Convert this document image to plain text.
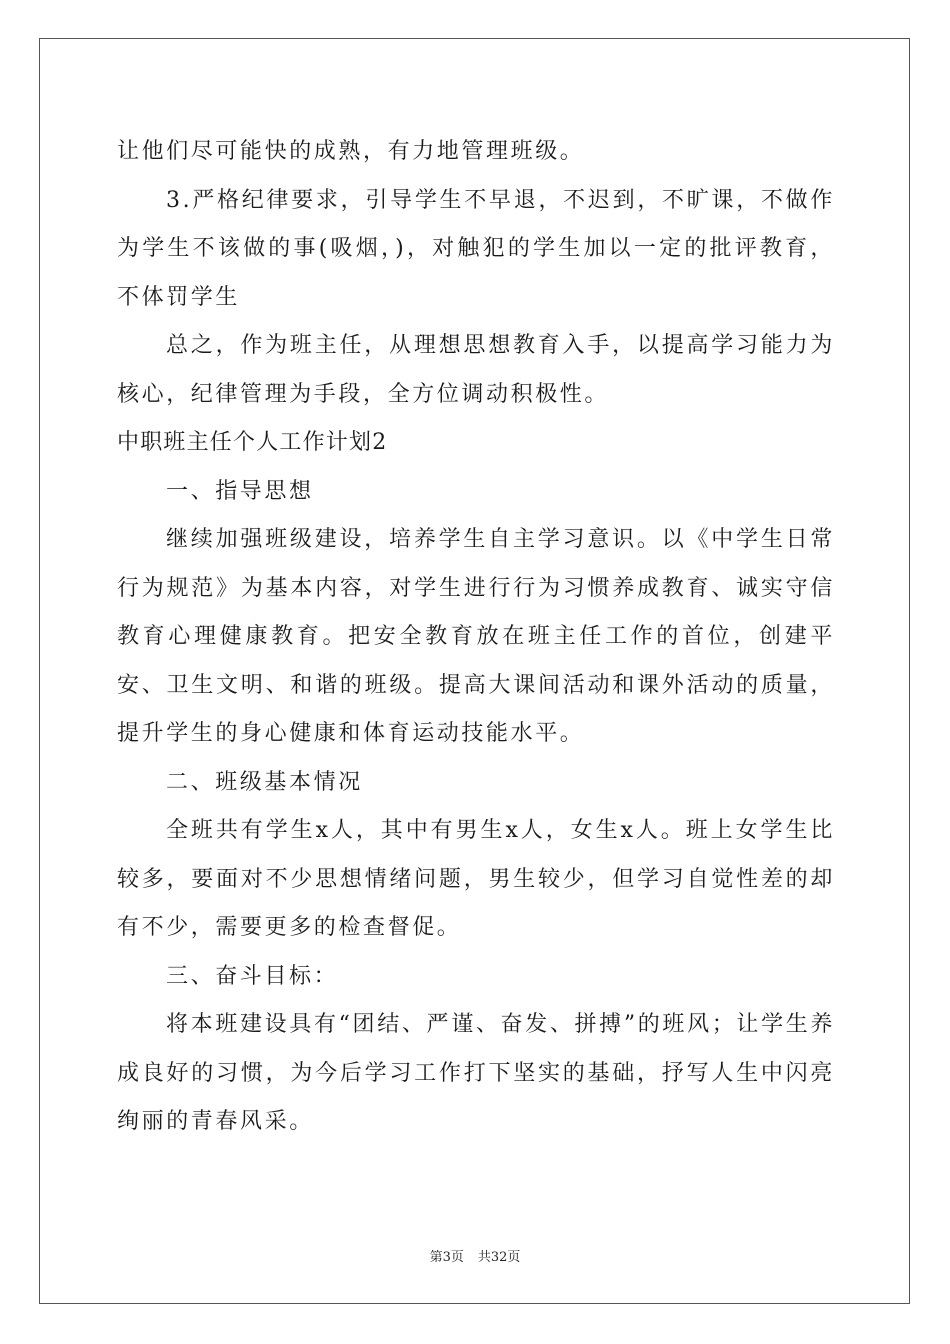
让他们尽可能快的成熟，有力地管理班级。

3.严格纪律要求，引导学生不早退，不迟到，不旷课，不做作为学生不该做的事(吸烟，)，对触犯的学生加以一定的批评教育，不体罚学生

总之，作为班主任，从理想思想教育入手，以提高学习能力为核心，纪律管理为手段，全方位调动积极性。

中职班主任个人工作计划2

一、指导思想

继续加强班级建设，培养学生自主学习意识。以《中学生日常行为规范》为基本内容，对学生进行行为习惯养成教育、诚实守信教育心理健康教育。把安全教育放在班主任工作的首位，创建平安、卫生文明、和谐的班级。提高大课间活动和课外活动的质量，提升学生的身心健康和体育运动技能水平。

二、班级基本情况

全班共有学生x人，其中有男生x人，女生x人。班上女学生比较多，要面对不少思想情绪问题，男生较少，但学习自觉性差的却有不少，需要更多的检查督促。

三、奋斗目标：

将本班建设具有“团结、严谨、奋发、拼搏”的班风；让学生养成良好的习惯，为今后学习工作打下坚实的基础，抒写人生中闪亮绚丽的青春风采。

第3页 共32页
